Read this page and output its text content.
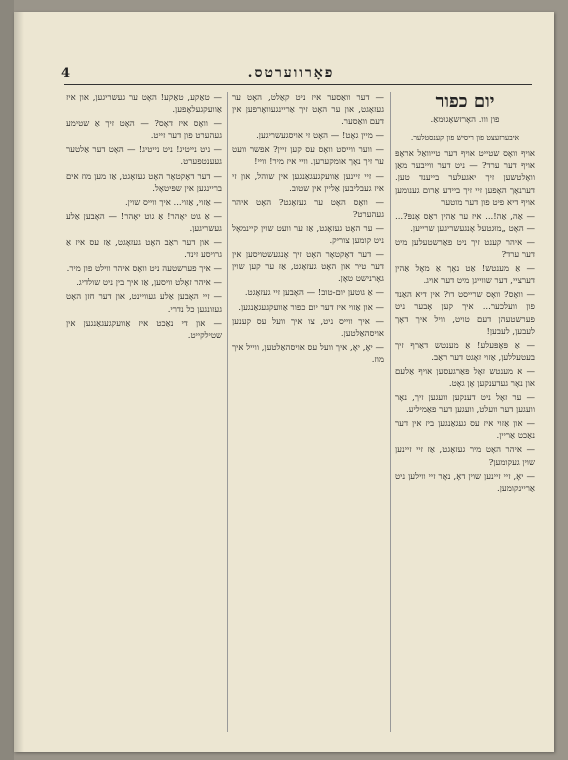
4	פאָרווערטס.
יום כפור
פון ווו. האָרזשאָגוּמאַ.
איבערזעצט פון ריסיש פון קענסטלער.

אויף וואָס שטייט אויף דער טייוואַל אראָפּ אויף דער ערד? — ניט דער ווייבער מאַן וואָלטשען זיך יאגעלער בייענד טען. דערנאָך האָפען זיי זיך ביידע אַרום גענומען אויף דיא פיט פון דער מוטער

— אַה, אַה!... איז ער אַהין ראַס אָנפּ?... — האָט „מוּגטעל אָנגעשריגען שרייען.

— איהר קענט זיך ניט פאַרשטעלען מיט דער ערד?

— אַ מענטש! אַט נאָך אַ מאָל אַהין דערציי, דער שווייגן מיט דער אויג.

— וואָס? וואָס שרייסט דו? אין דיא האַנד פון וועלכער... איך קען אָבער ניט פערשטעהן דעם טויט, וויל איך דאָך לעבען, לעבען!

— אַ פּאָפּעלע! אַ מענטש דאַרף זיך בעטעללען, אַזוי זאָגט דער ראַב.

— א מענטש זאָל פּאַרגעסען אויף אַלעם און נאָר געדענקען אָן גאָט.

— ער זאָל ניט דענקען וועגען זיך, נאָר וועגען דער וועלט, וועגען דער פאַמיליע.

— און אַזוי איז עס געגאַנגען ביז אין דער נאַכט אַריין.

— איהר האָט מיר געזאָגט, אַז זיי זיינען שוין געקומען?

— יאָ, זיי זיינען שוין דאָ, נאָר זיי ווילען ניט אַריינקומען.

— דער וואַסער איז ניט קאַלט, האָט ער געזאָגט, און ער האָט זיך אַריינגעוואָרפען אין דעם וואַסער.

— מיין גאָט! — האָט זי אויסגעשריגען.

— ווער ווייסט וואָס עס קען זיין? אפשר וועט ער זיך נאָך אומקערען. וויי איז מיר! וויי!

— זיי זיינען אַוועקגעגאַנגען אין שוהל, און זי איז געבליבען אַליין אין שטוב.

— וואָס האָט ער געזאָגט? האָט איהר געהערט?

— ער האָט געזאָגט, אַז ער וועט שוין קיינמאָל ניט קומען צוריק.

— דער דאָקטאָר האָט זיך אָנגעשטויסען אין דער טיר און האָט געזאָגט, אַז ער קען שוין גאָרנישט טאָן.

— אַ גוטען יום-טוב! — האָבען זיי געזאָגט.

— און אַזוי איז דער יום כפור אַוועקגעגאַנגען.

— איך ווייס ניט, צו איך וועל עס קענען אויסהאַלטען.

— יאָ, יאָ, איך וועל עס אויסהאַלטען, ווייל איך מוז.

— טאַקע, טאַקע! האָט ער געשריגען, און איז אַוועקגעלאָפען.

— וואָס איז דאָס? — האָט זיך אַ שטימע געהערט פון דער זייט.

— ניט נייטיג! ניט נייטיג! — האָט דער אַלטער געענטפערט.

— דער דאָקטאָר האָט געזאָגט, אַז מען מוז אים בריינגען אין שפּיטאָל.

— אַזוי, אַזוי... איך ווייס שוין.

— אַ גוט יאָהר! אַ גוט יאָהר! — האָבען אַלע געשריגען.

— און דער ראַב האָט געזאָגט, אַז עס איז אַ גרויסע זינד.

— איך פערשטעה ניט וואָס איהר ווילט פון מיר.

— איהר זאָלט וויסען, אַז איך בין ניט שולדיג.

— זיי האָבען אַלע געוויינט, און דער חזן האָט געזונגען כל נדרי.

— און די נאַכט איז אַוועקגעגאַנגען אין שטילקייט.
